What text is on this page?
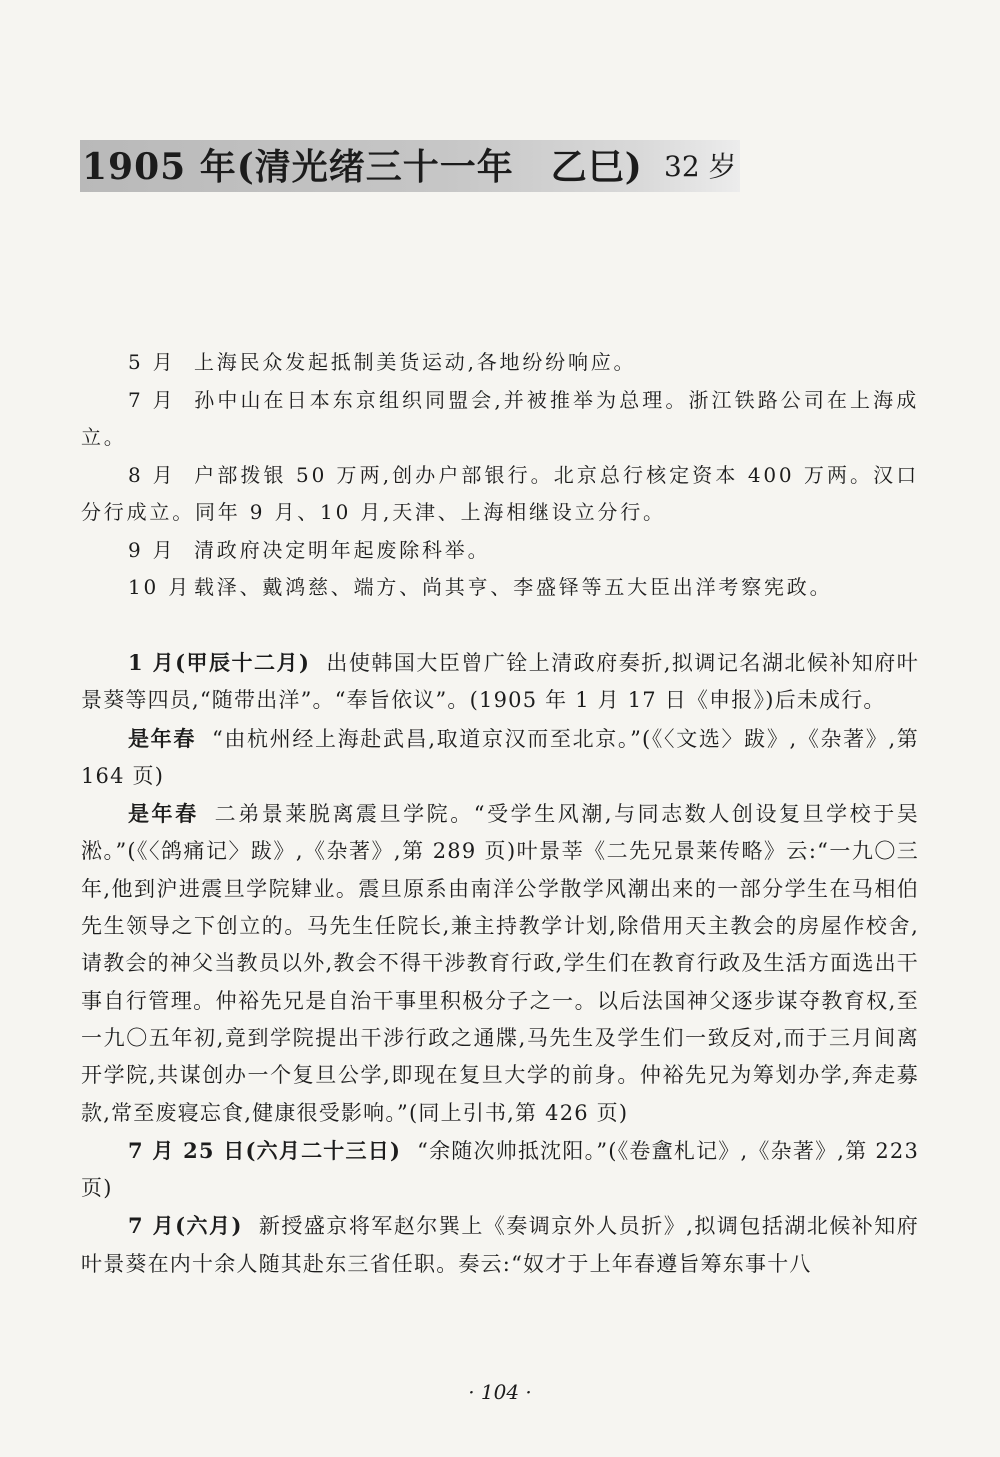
1905 年(清光绪三十一年　乙巳) 32 岁

5 月 上海民众发起抵制美货运动,各地纷纷响应。

7 月 孙中山在日本东京组织同盟会,并被推举为总理。浙江铁路公司在上海成立。

8 月 户部拨银 50 万两,创办户部银行。北京总行核定资本 400 万两。汉口分行成立。同年 9 月、10 月,天津、上海相继设立分行。

9 月 清政府决定明年起废除科举。

10 月 载泽、戴鸿慈、端方、尚其亨、李盛铎等五大臣出洋考察宪政。

1 月(甲辰十二月) 出使韩国大臣曾广铨上清政府奏折,拟调记名湖北候补知府叶景葵等四员,“随带出洋”。“奉旨依议”。(1905 年 1 月 17 日《申报》)后未成行。

是年春 “由杭州经上海赴武昌,取道京汉而至北京。”(《〈文选〉跋》,《杂著》,第 164 页)

是年春 二弟景莱脱离震旦学院。“受学生风潮,与同志数人创设复旦学校于吴淞。”(《〈鸽痛记〉跋》,《杂著》,第 289 页)叶景莘《二先兄景莱传略》云:“一九〇三年,他到沪进震旦学院肄业。震旦原系由南洋公学散学风潮出来的一部分学生在马相伯先生领导之下创立的。马先生任院长,兼主持教学计划,除借用天主教会的房屋作校舍,请教会的神父当教员以外,教会不得干涉教育行政,学生们在教育行政及生活方面选出干事自行管理。仲裕先兄是自治干事里积极分子之一。以后法国神父逐步谋夺教育权,至一九〇五年初,竟到学院提出干涉行政之通牒,马先生及学生们一致反对,而于三月间离开学院,共谋创办一个复旦公学,即现在复旦大学的前身。仲裕先兄为筹划办学,奔走募款,常至废寝忘食,健康很受影响。”(同上引书,第 426 页)

7 月 25 日(六月二十三日) “余随次帅抵沈阳。”(《卷盦札记》,《杂著》,第 223 页)

7 月(六月) 新授盛京将军赵尔巽上《奏调京外人员折》,拟调包括湖北候补知府叶景葵在内十余人随其赴东三省任职。奏云:“奴才于上年春遵旨筹东事十八

· 104 ·
